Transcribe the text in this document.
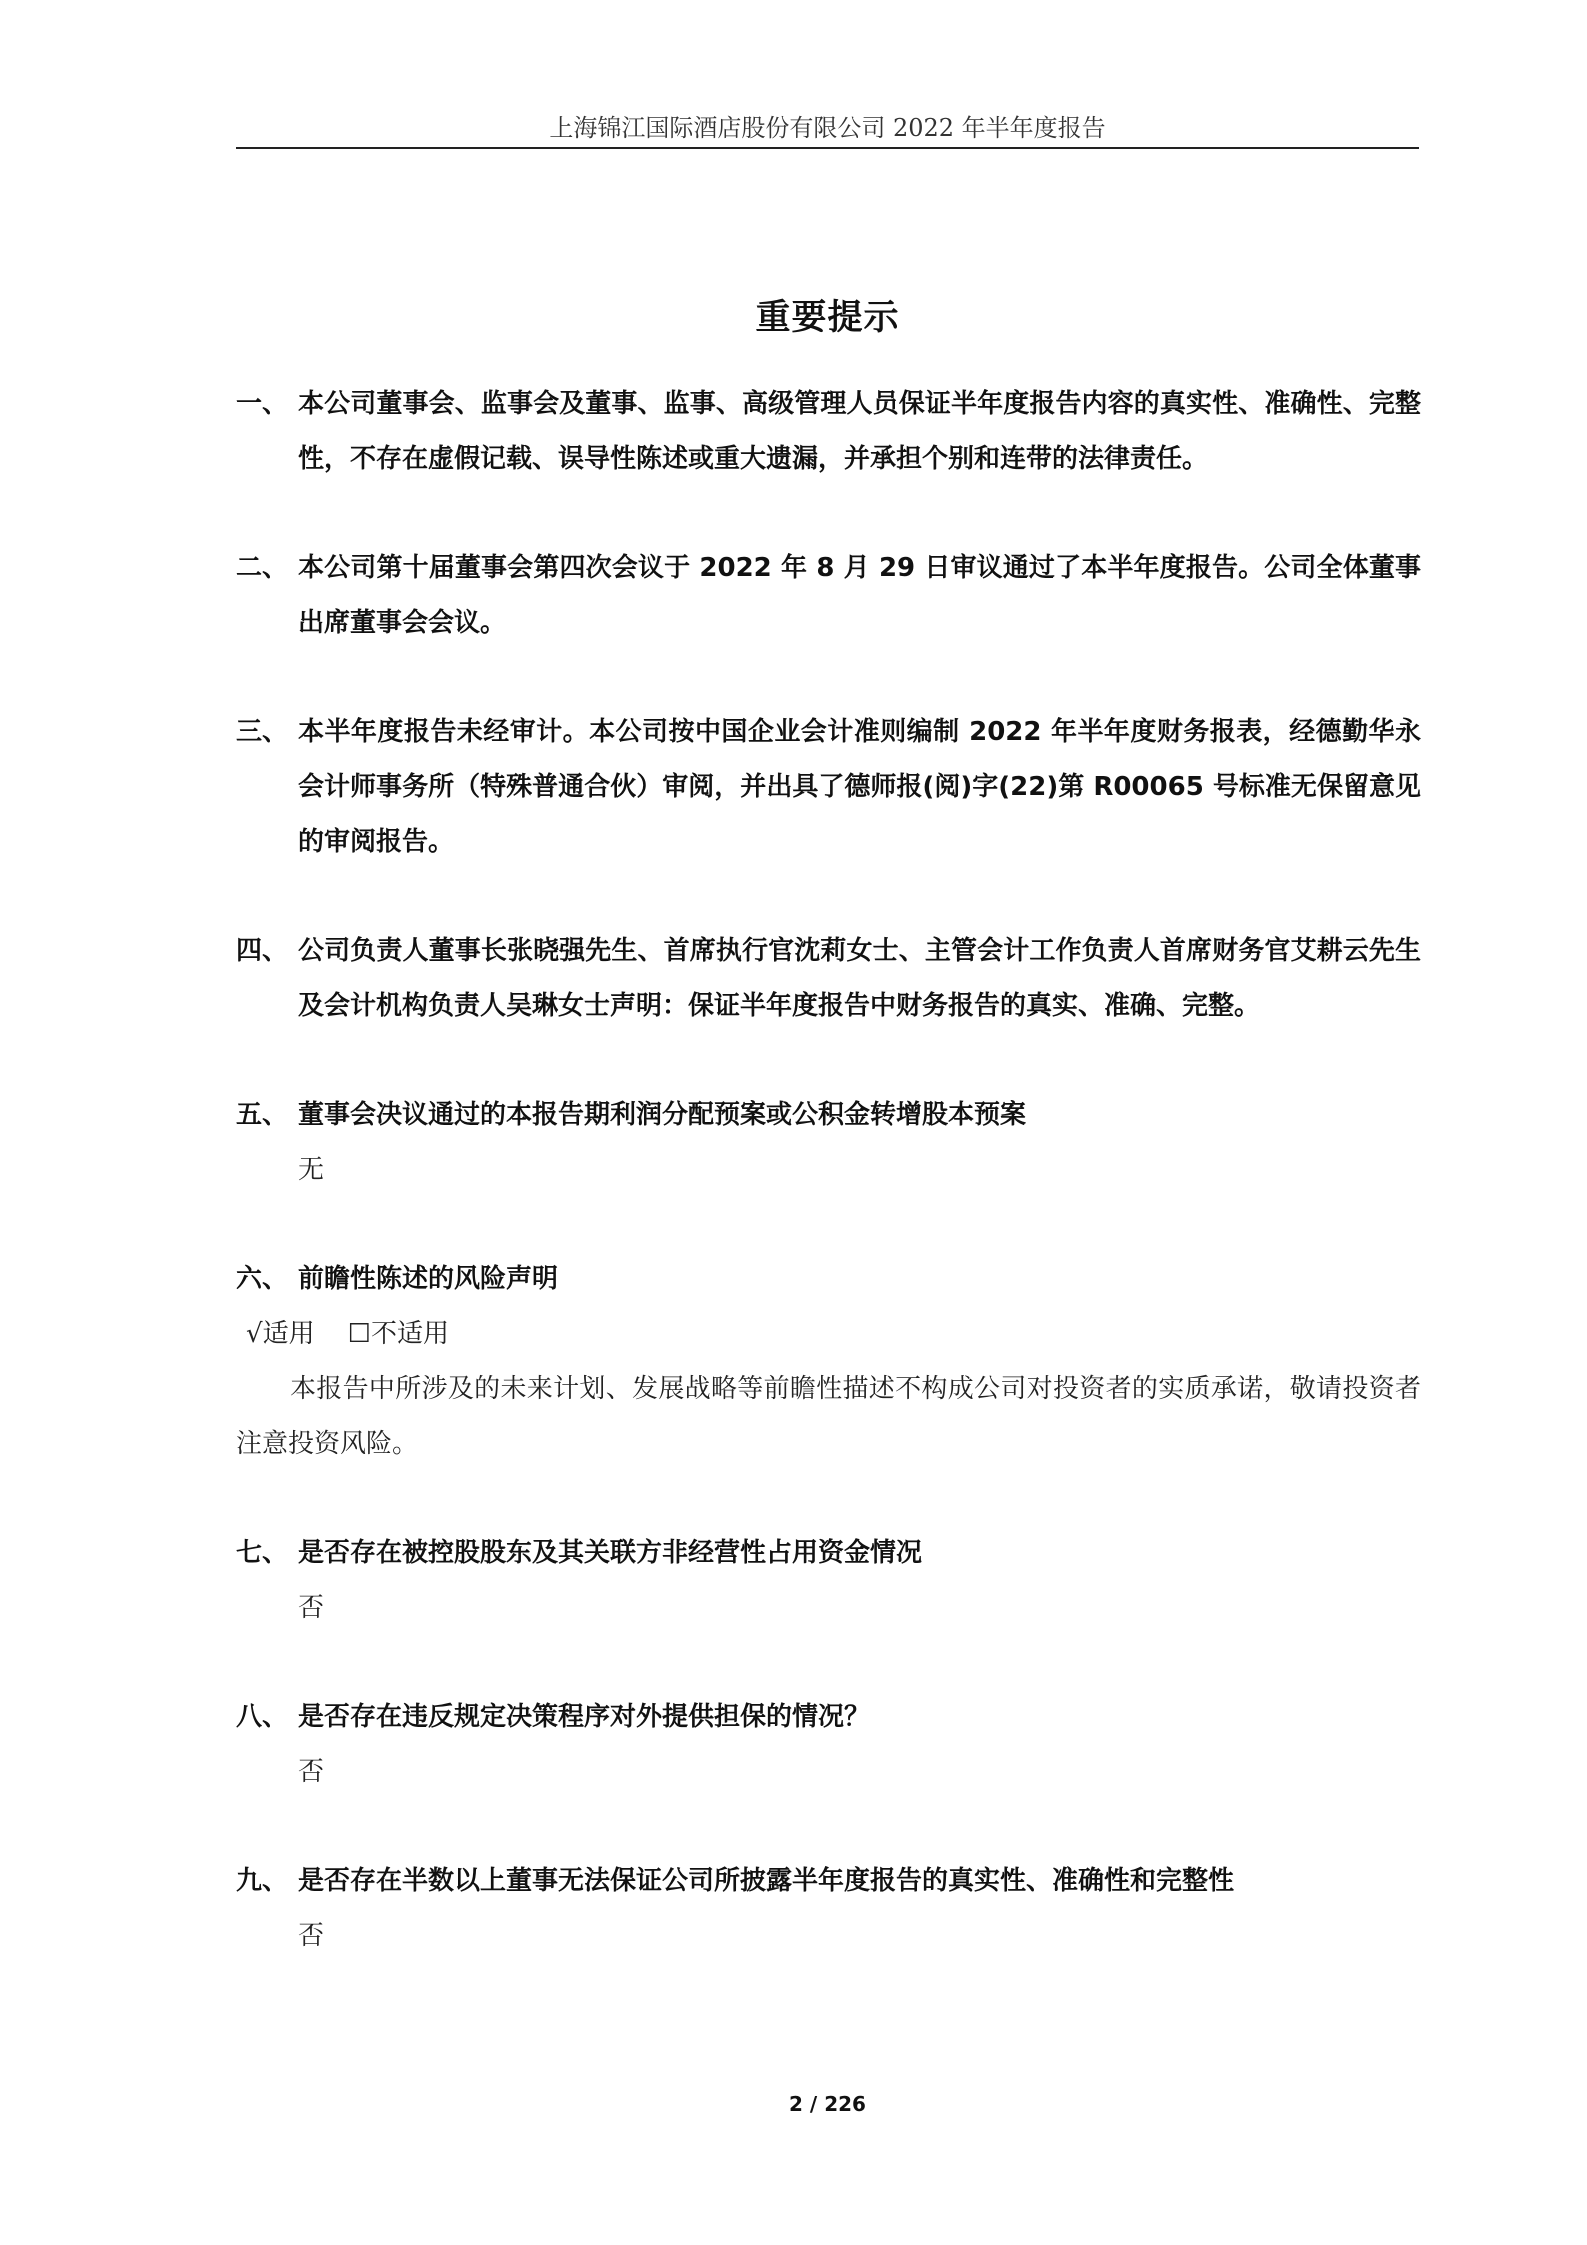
上海锦江国际酒店股份有限公司 2022 年半年度报告
重要提示
一、 本公司董事会、监事会及董事、监事、高级管理人员保证半年度报告内容的真实性、准确性、完整性，不存在虚假记载、误导性陈述或重大遗漏，并承担个别和连带的法律责任。
二、 本公司第十届董事会第四次会议于 2022 年 8 月 29 日审议通过了本半年度报告。公司全体董事出席董事会会议。
三、 本半年度报告未经审计。本公司按中国企业会计准则编制 2022 年半年度财务报表，经德勤华永会计师事务所（特殊普通合伙）审阅，并出具了德师报(阅)字(22)第 R00065 号标准无保留意见的审阅报告。
四、 公司负责人董事长张晓强先生、首席执行官沈莉女士、主管会计工作负责人首席财务官艾耕云先生及会计机构负责人吴琳女士声明：保证半年度报告中财务报告的真实、准确、完整。
五、 董事会决议通过的本报告期利润分配预案或公积金转增股本预案
无
六、 前瞻性陈述的风险声明
√适用 ☐不适用
本报告中所涉及的未来计划、发展战略等前瞻性描述不构成公司对投资者的实质承诺，敬请投资者注意投资风险。
七、 是否存在被控股股东及其关联方非经营性占用资金情况
否
八、 是否存在违反规定决策程序对外提供担保的情况？
否
九、 是否存在半数以上董事无法保证公司所披露半年度报告的真实性、准确性和完整性
否
2 / 226
